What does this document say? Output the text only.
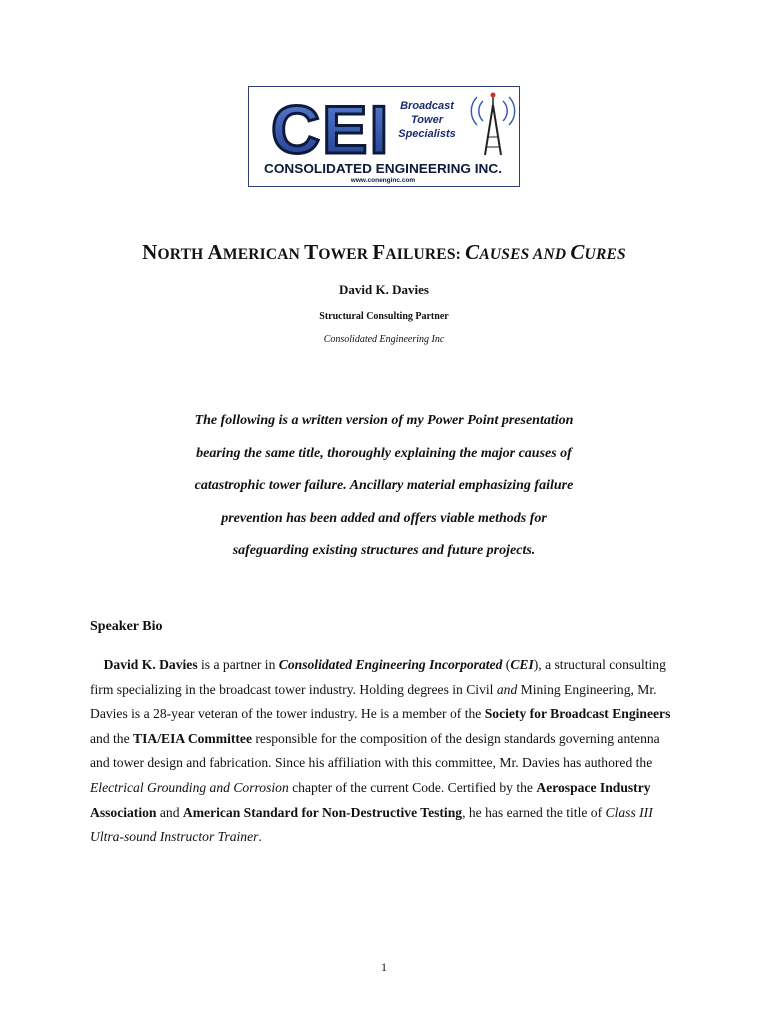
CEI Broadcast
Tower
Specialists
CONSOLIDATED ENGINEERING INC.
www.conenginc.com
NORTH AMERICAN TOWER FAILURES: CAUSES AND CURES
David K. Davies
Structural Consulting Partner
Consolidated Engineering Inc
The following is a written version of my Power Point presentation
bearing the same title, thoroughly explaining the major causes of
catastrophic tower failure. Ancillary material emphasizing failure
prevention has been added and offers viable methods for
safeguarding existing structures and future projects.
Speaker Bio

David K. Davies is a partner in Consolidated Engineering Incorporated (CEI), a structural consulting firm specializing in the broadcast tower industry. Holding degrees in Civil and Mining Engineering, Mr. Davies is a 28-year veteran of the tower industry. He is a member of the Society for Broadcast Engineers and the TIA/EIA Committee responsible for the composition of the design standards governing antenna and tower design and fabrication. Since his affiliation with this committee, Mr. Davies has authored the Electrical Grounding and Corrosion chapter of the current Code. Certified by the Aerospace Industry Association and American Standard for Non-Destructive Testing, he has earned the title of Class III Ultra-sound Instructor Trainer.

1
